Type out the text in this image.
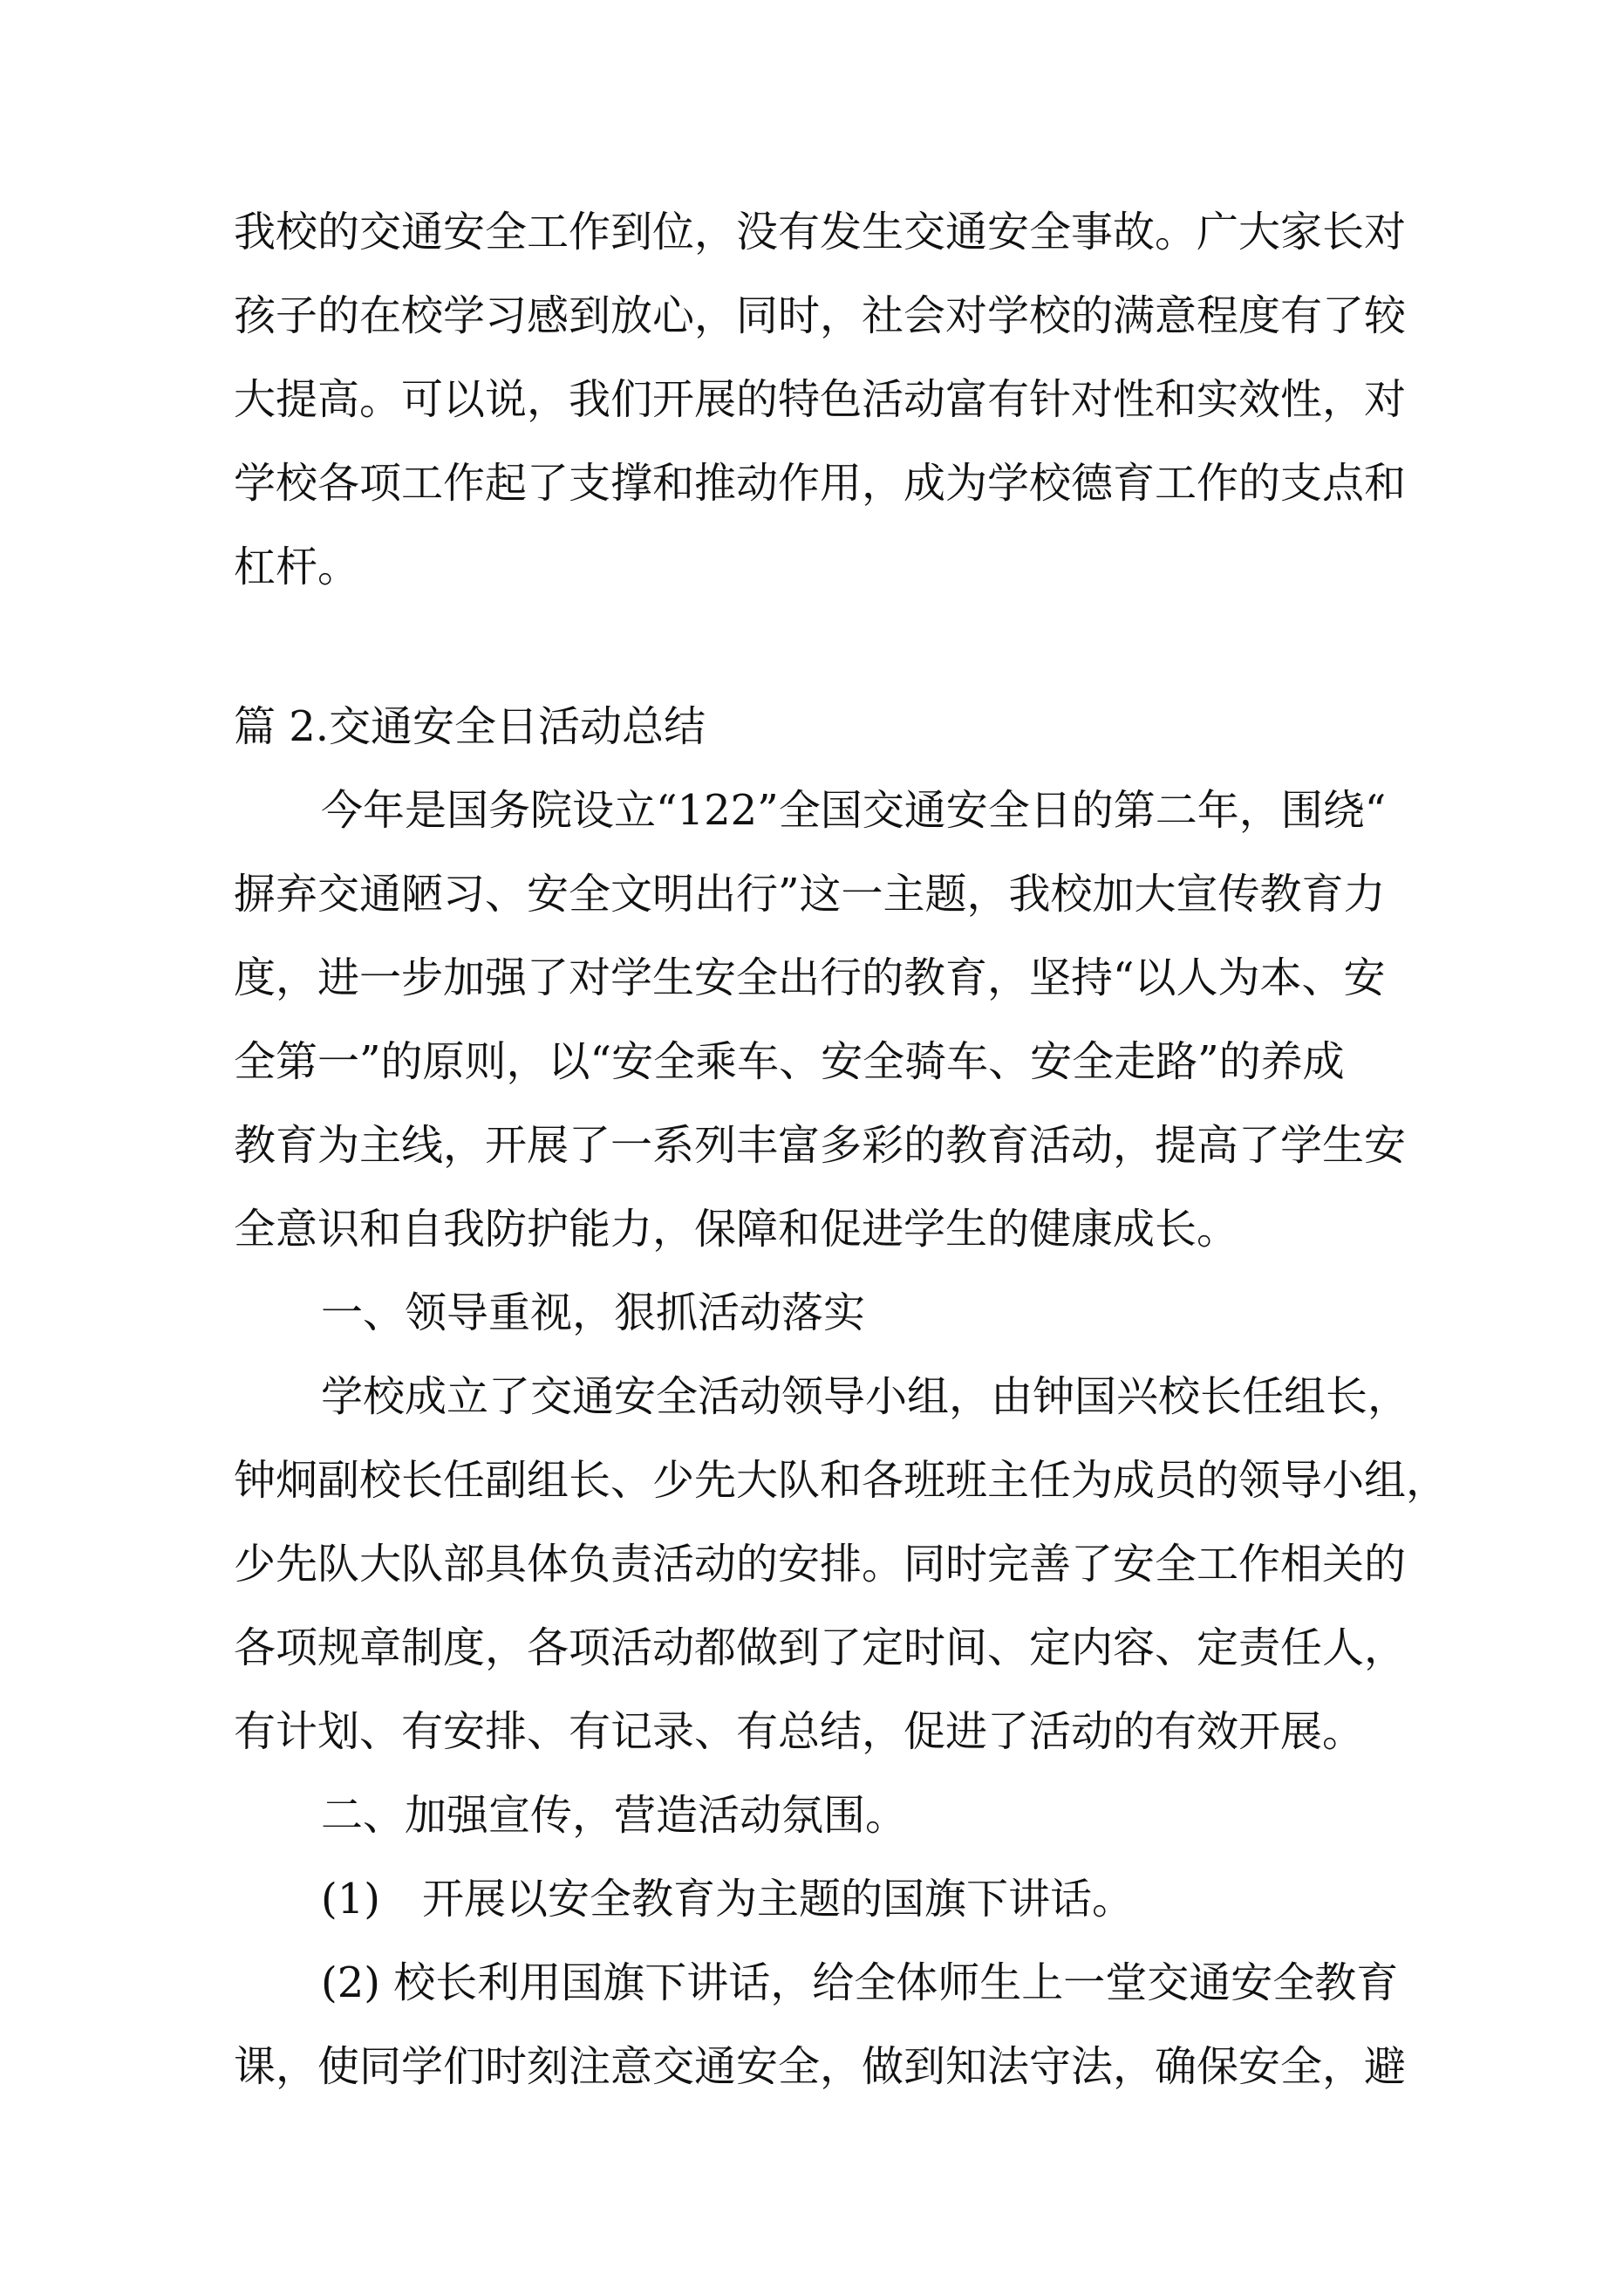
我校的交通安全工作到位，没有发生交通安全事故。广大家长对

孩子的在校学习感到放心，同时，社会对学校的满意程度有了较

大提高。可以说，我们开展的特色活动富有针对性和实效性，对

学校各项工作起了支撑和推动作用，成为学校德育工作的支点和

杠杆。

篇 2.交通安全日活动总结

今年是国务院设立“122”全国交通安全日的第二年，围绕“

摒弃交通陋习、安全文明出行”这一主题，我校加大宣传教育力

度，进一步加强了对学生安全出行的教育，坚持“以人为本、安

全第一”的原则，以“安全乘车、安全骑车、安全走路”的养成

教育为主线，开展了一系列丰富多彩的教育活动，提高了学生安

全意识和自我防护能力，保障和促进学生的健康成长。

一、领导重视，狠抓活动落实

学校成立了交通安全活动领导小组，由钟国兴校长任组长，

钟炯副校长任副组长、少先大队和各班班主任为成员的领导小组，

少先队大队部具体负责活动的安排。同时完善了安全工作相关的

各项规章制度，各项活动都做到了定时间、定内容、定责任人，

有计划、有安排、有记录、有总结，促进了活动的有效开展。

二、加强宣传，营造活动氛围。

(1)　开展以安全教育为主题的国旗下讲话。

(2) 校长利用国旗下讲话，给全体师生上一堂交通安全教育

课，使同学们时刻注意交通安全，做到知法守法，确保安全，避
